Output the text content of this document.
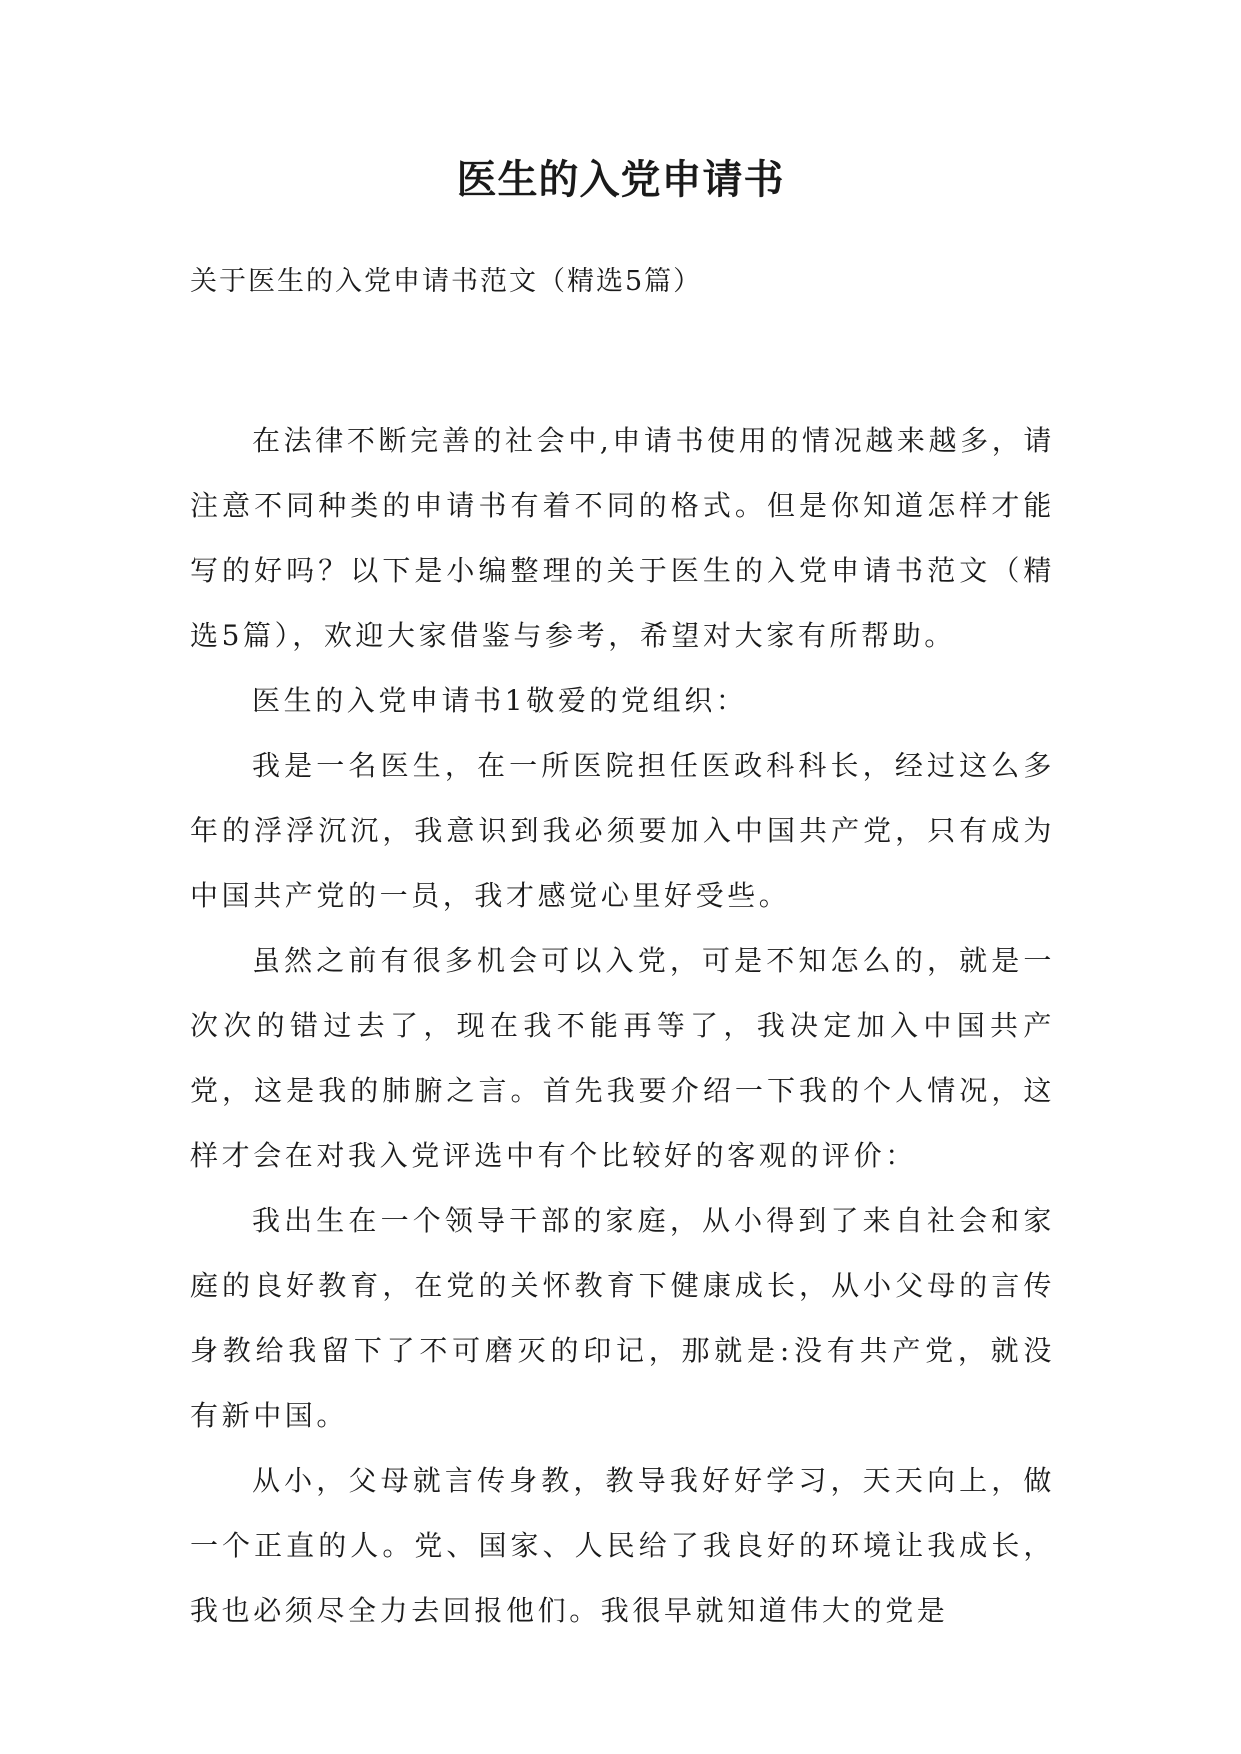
医生的入党申请书
关于医生的入党申请书范文（精选5篇）

在法律不断完善的社会中,申请书使用的情况越来越多，请注意不同种类的申请书有着不同的格式。但是你知道怎样才能写的好吗？以下是小编整理的关于医生的入党申请书范文（精选5篇），欢迎大家借鉴与参考，希望对大家有所帮助。

医生的入党申请书1敬爱的党组织：

我是一名医生，在一所医院担任医政科科长，经过这么多年的浮浮沉沉，我意识到我必须要加入中国共产党，只有成为中国共产党的一员，我才感觉心里好受些。

虽然之前有很多机会可以入党，可是不知怎么的，就是一次次的错过去了，现在我不能再等了，我决定加入中国共产党，这是我的肺腑之言。首先我要介绍一下我的个人情况，这样才会在对我入党评选中有个比较好的客观的评价：

我出生在一个领导干部的家庭，从小得到了来自社会和家庭的良好教育，在党的关怀教育下健康成长，从小父母的言传身教给我留下了不可磨灭的印记，那就是:没有共产党，就没有新中国。

从小，父母就言传身教，教导我好好学习，天天向上，做一个正直的人。党、国家、人民给了我良好的环境让我成长，我也必须尽全力去回报他们。我很早就知道伟大的党是
